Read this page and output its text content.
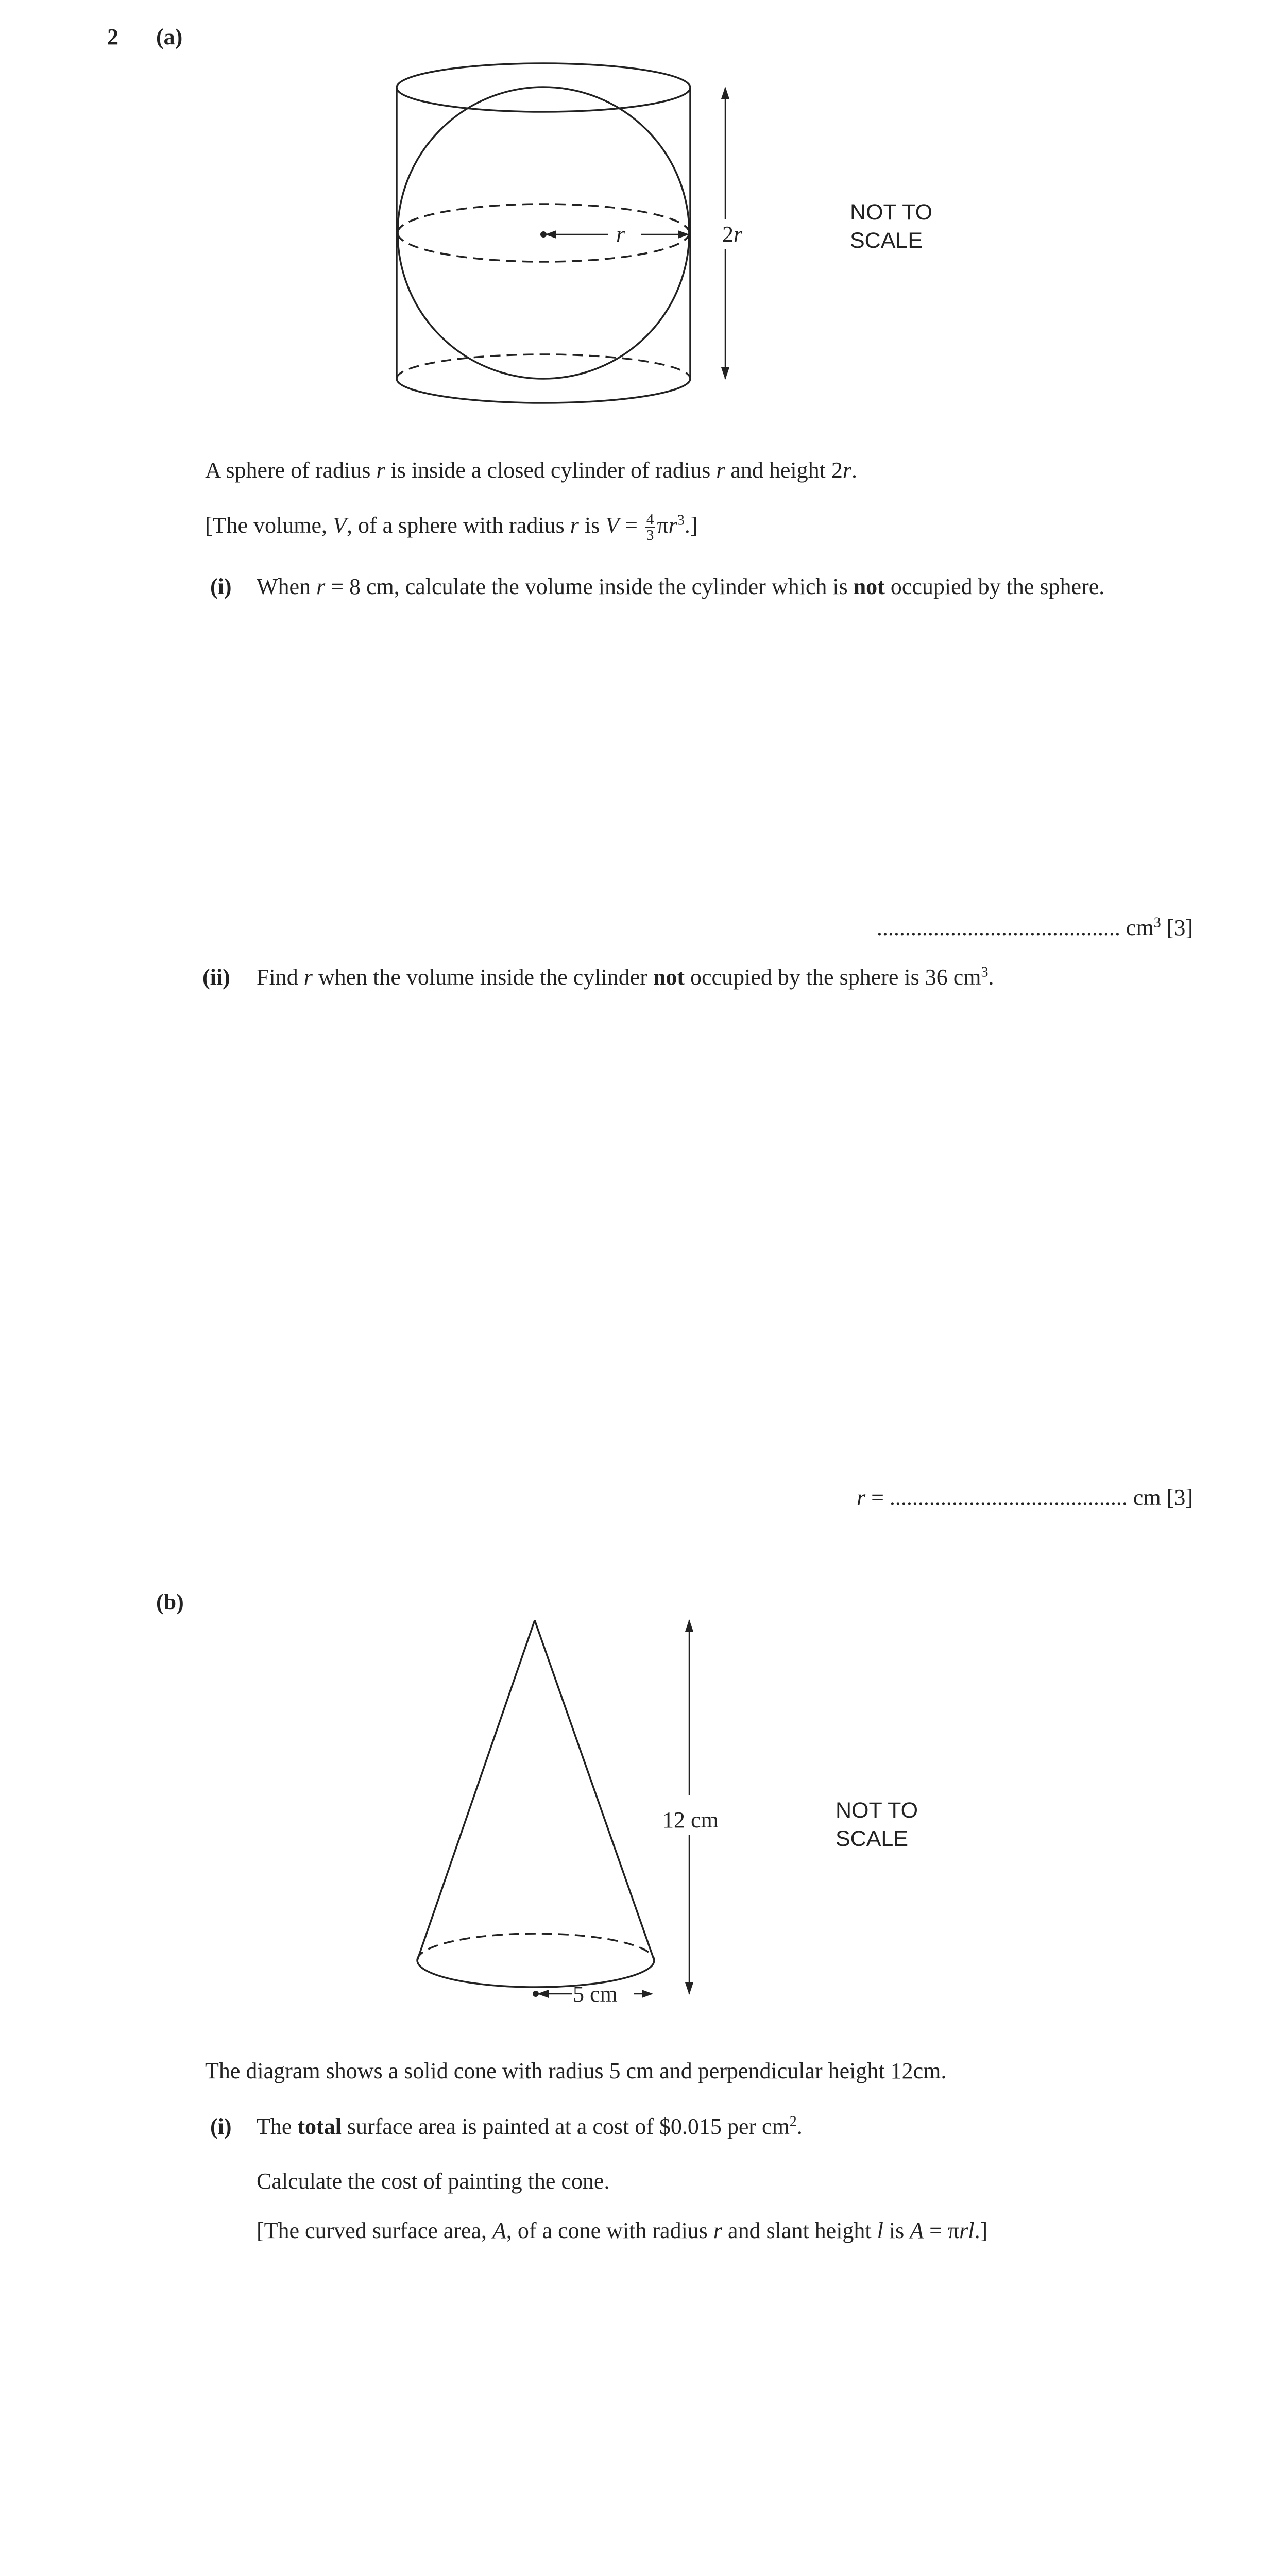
2 (a)
r	2r
NOT TO
SCALE
A sphere of radius r is inside a closed cylinder of radius r and height 2r.
[The volume, V, of a sphere with radius r is $V = \frac{4}{3} \pi r^3$.]
(i) When r = 8 cm, calculate the volume inside the cylinder which is not occupied by the sphere.
........................................... $cm^3$ [3]
(ii) Find r when the volume inside the cylinder not occupied by the sphere is 36 $cm^3$.
r = .......................................... cm [3]
(b)
12 cm
5 cm
NOT TO
SCALE
The diagram shows a solid cone with radius 5 cm and perpendicular height 12cm.
(i) The total surface area is painted at a cost of $0.015 per $cm^2$.
Calculate the cost of painting the cone.
[The curved surface area, A, of a cone with radius r and slant height l is A = πrl.]
